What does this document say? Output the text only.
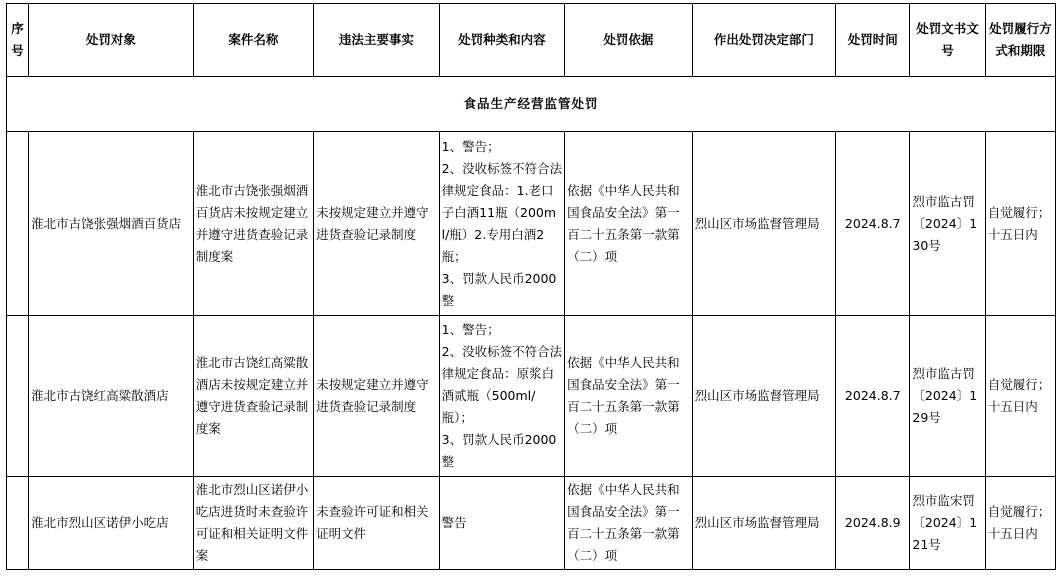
食品生产经营监管处罚									
序号	处罚对象	案件名称	违法主要事实	处罚种类和内容	处罚依据	作出处罚决定部门	处罚时间	处罚文书文号	处罚履行方式和期限
	淮北市古饶张强烟酒百货店	淮北市古饶张强烟酒百货店未按规定建立并遵守进货查验记录制度案	未按规定建立并遵守进货查验记录制度	1、警告；
2、没收标签不符合法律规定食品：1.老口子白酒11瓶（200ml/瓶）2.专用白酒2瓶；
3、罚款人民币2000整	依据《中华人民共和国食品安全法》第一百二十五条第一款第（二）项	烈山区市场监督管理局	2024.8.7	烈市监古罚〔2024〕130号	自觉履行；十五日内
	淮北市古饶红高粱散酒店	淮北市古饶红高粱散酒店未按规定建立并遵守进货查验记录制度案	未按规定建立并遵守进货查验记录制度	1、警告；
2、没收标签不符合法律规定食品：原浆白酒贰瓶（500ml/瓶）；
3、罚款人民币2000整	依据《中华人民共和国食品安全法》第一百二十五条第一款第（二）项	烈山区市场监督管理局	2024.8.7	烈市监古罚〔2024〕129号	自觉履行；十五日内
	淮北市烈山区诺伊小吃店	淮北市烈山区诺伊小吃店进货时未查验许可证和相关证明文件案	未查验许可证和相关证明文件	警告	依据《中华人民共和国食品安全法》第一百二十五条第一款第（二）项	烈山区市场监督管理局	2024.8.9	烈市监宋罚〔2024〕121号	自觉履行；十五日内
